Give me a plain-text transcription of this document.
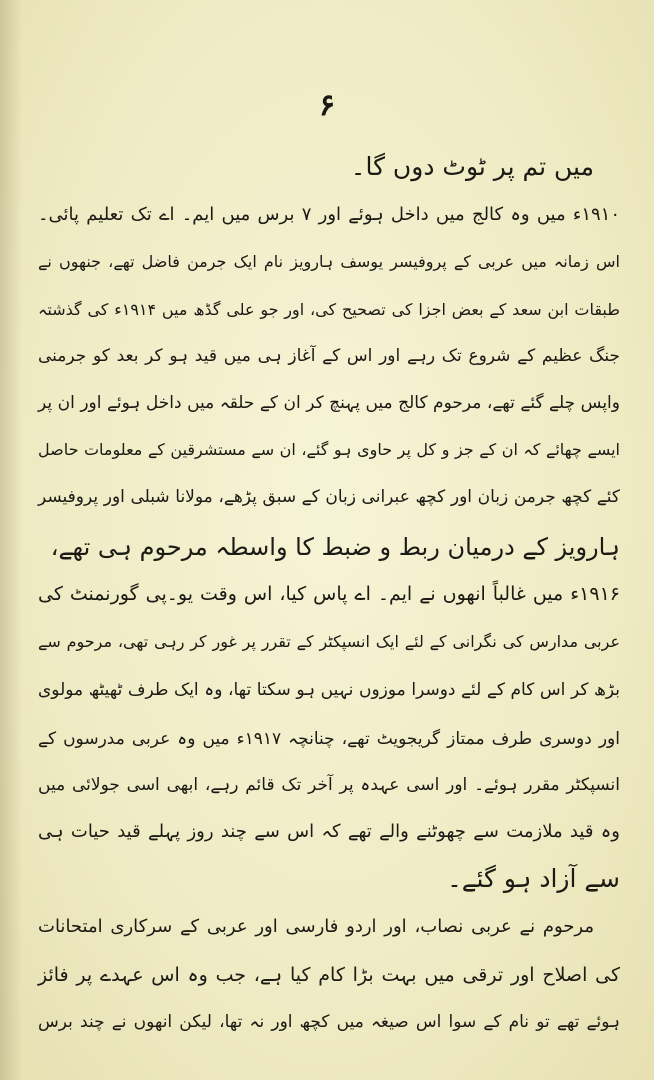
۶
میں تم پر ٹوٹ دوں گا۔
۱۹۱۰ء میں وہ کالج میں داخل ہوئے اور ۷ برس میں ایم۔ اے تک تعلیم پائی۔
اس زمانہ میں عربی کے پروفیسر یوسف ہارویز نام ایک جرمن فاضل تھے، جنھوں نے
طبقات ابن سعد کے بعض اجزا کی تصحیح کی، اور جو علی گڈھ میں ۱۹۱۴ء کی گذشتہ
جنگ عظیم کے شروع تک رہے اور اس کے آغاز ہی میں قید ہو کر بعد کو جرمنی
واپس چلے گئے تھے، مرحوم کالج میں پہنچ کر ان کے حلقہ میں داخل ہوئے اور ان پر
ایسے چھائے کہ ان کے جز و کل پر حاوی ہو گئے، ان سے مستشرقین کے معلومات حاصل
کئے کچھ جرمن زبان اور کچھ عبرانی زبان کے سبق پڑھے، مولانا شبلی اور پروفیسر
ہارویز کے درمیان ربط و ضبط کا واسطہ مرحوم ہی تھے،
۱۹۱۶ء میں غالباً انھوں نے ایم۔ اے پاس کیا، اس وقت یو۔پی گورنمنٹ کی
عربی مدارس کی نگرانی کے لئے ایک انسپکٹر کے تقرر پر غور کر رہی تھی، مرحوم سے
بڑھ کر اس کام کے لئے دوسرا موزوں نہیں ہو سکتا تھا، وہ ایک طرف ٹھیٹھ مولوی
اور دوسری طرف ممتاز گریجویٹ تھے، چنانچہ ۱۹۱۷ء میں وہ عربی مدرسوں کے
انسپکٹر مقرر ہوئے۔ اور اسی عہدہ پر آخر تک قائم رہے، ابھی اسی جولائی میں
وہ قید ملازمت سے چھوٹنے والے تھے کہ اس سے چند روز پہلے قید حیات ہی
سے آزاد ہو گئے۔
مرحوم نے عربی نصاب، اور اردو فارسی اور عربی کے سرکاری امتحانات
کی اصلاح اور ترقی میں بہت بڑا کام کیا ہے، جب وہ اس عہدے پر فائز
ہوئے تھے تو نام کے سوا اس صیغہ میں کچھ اور نہ تھا، لیکن انھوں نے چند برس
